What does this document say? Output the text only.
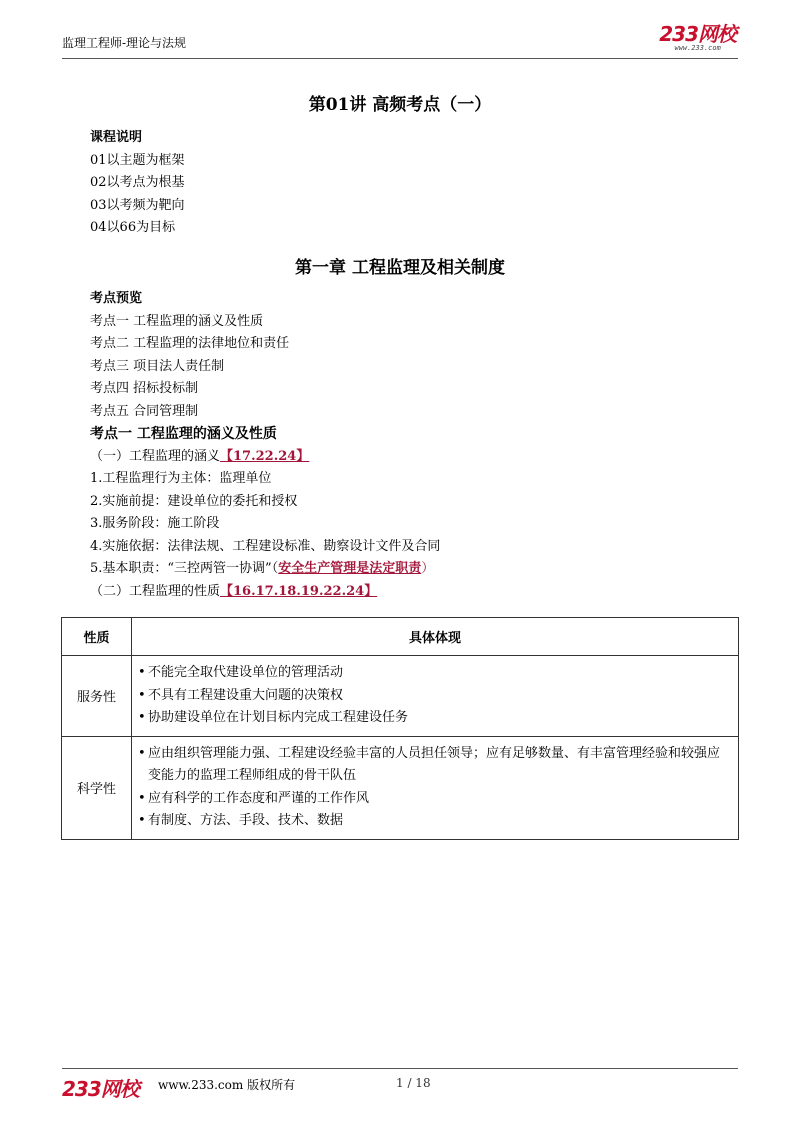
监理工程师-理论与法规	233网校
www.233.com
第01讲 高频考点（一）
课程说明
01以主题为框架
02以考点为根基
03以考频为靶向
04以66为目标
第一章 工程监理及相关制度
考点预览
考点一 工程监理的涵义及性质
考点二 工程监理的法律地位和责任
考点三 项目法人责任制
考点四 招标投标制
考点五 合同管理制
考点一 工程监理的涵义及性质
（一）工程监理的涵义【17.22.24】
1.工程监理行为主体：监理单位
2.实施前提：建设单位的委托和授权
3.服务阶段：施工阶段
4.实施依据：法律法规、工程建设标准、勘察设计文件及合同
5.基本职责：“三控两管一协调”（安全生产管理是法定职责）
（二）工程监理的性质【16.17.18.19.22.24】
性质	具体体现
服务性	• 不能完全取代建设单位的管理活动
• 不具有工程建设重大问题的决策权
• 协助建设单位在计划目标内完成工程建设任务

科学性	• 应由组织管理能力强、工程建设经验丰富的人员担任领导；应有足够数量、有丰富管理经验和较强应变能力的监理工程师组成的骨干队伍
• 应有科学的工作态度和严谨的工作作风
• 有制度、方法、手段、技术、数据
233网校 www.233.com 版权所有	1 / 18
